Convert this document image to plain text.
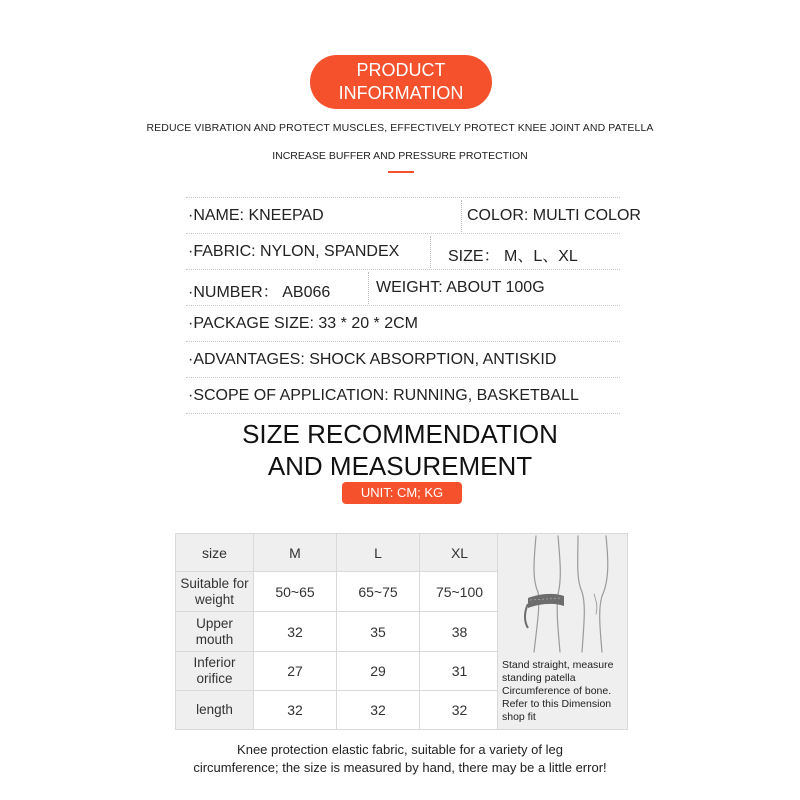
PRODUCT
INFORMATION
REDUCE VIBRATION AND PROTECT MUSCLES, EFFECTIVELY PROTECT KNEE JOINT AND PATELLA
INCREASE BUFFER AND PRESSURE PROTECTION
·NAME: KNEEPAD	COLOR: MULTI COLOR
·FABRIC: NYLON, SPANDEX	SIZE： M、L、XL
·NUMBER： AB066	WEIGHT: ABOUT 100G
·PACKAGE SIZE: 33 * 20 * 2CM
·ADVANTAGES: SHOCK ABSORPTION, ANTISKID
·SCOPE OF APPLICATION: RUNNING, BASKETBALL
SIZE RECOMMENDATION
AND MEASUREMENT
UNIT: CM; KG
size	M	L	XL
Suitable for weight	50~65	65~75	75~100
Upper mouth	32	35	38
Inferior orifice	27	29	31
length	32	32	32
Stand straight, measure standing patella Circumference of bone. Refer to this Dimension shop fit
Knee protection elastic fabric, suitable for a variety of leg
circumference; the size is measured by hand, there may be a little error!
